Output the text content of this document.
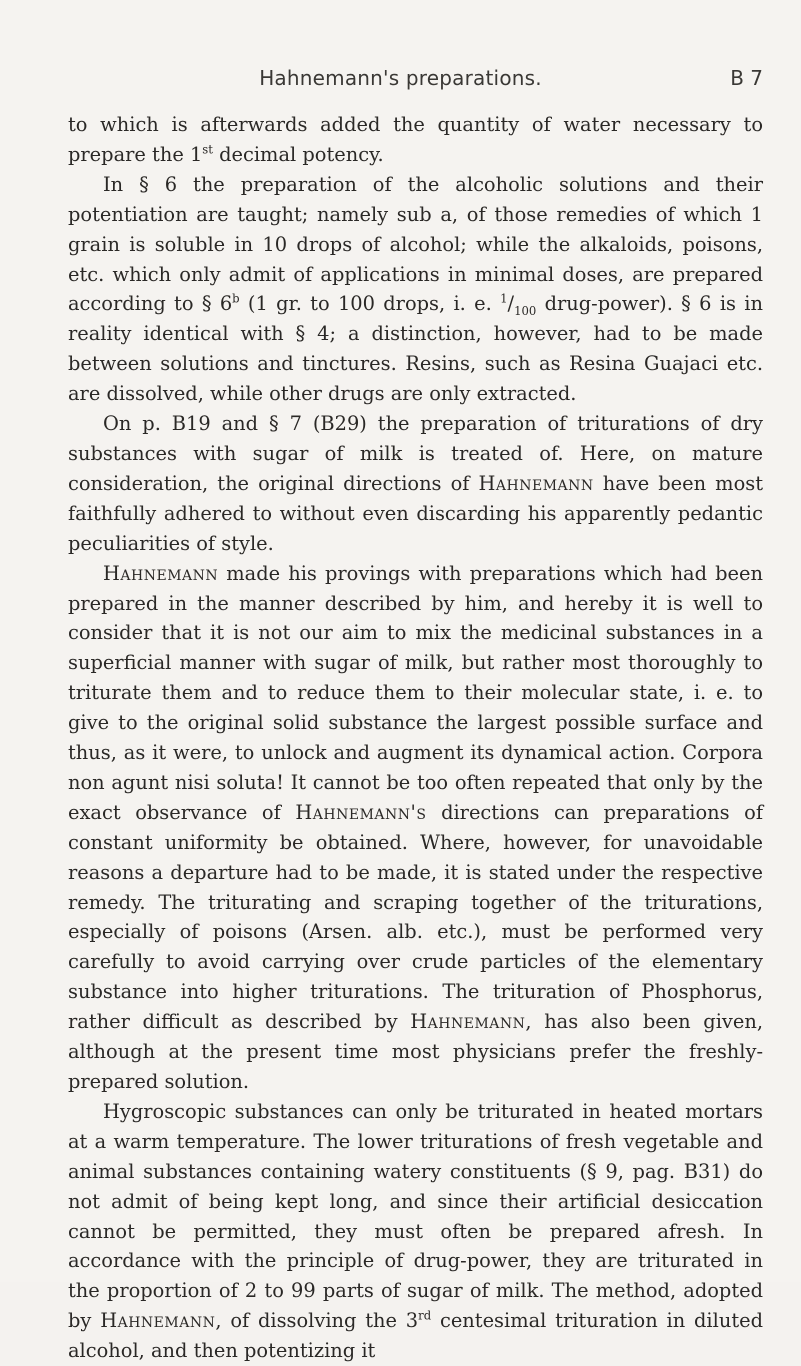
Hahnemann's preparations.	B 7

to which is afterwards added the quantity of water necessary to prepare the 1st decimal potency.

In § 6 the preparation of the alcoholic solutions and their potentiation are taught; namely sub a, of those remedies of which 1 grain is soluble in 10 drops of alcohol; while the alkaloids, poisons, etc. which only admit of applications in minimal doses, are prepared according to § 6$^b$ (1 gr. to 100 drops, i. e. $^1/_{100}$ drug-power). § 6 is in reality identical with § 4; a distinction, however, had to be made between solutions and tinctures. Resins, such as Resina Guajaci etc. are dissolved, while other drugs are only extracted.

On p. B19 and § 7 (B29) the preparation of triturations of dry substances with sugar of milk is treated of. Here, on mature consideration, the original directions of Hahnemann have been most faithfully adhered to without even discarding his apparently pedantic peculiarities of style.

Hahnemann made his provings with preparations which had been prepared in the manner described by him, and hereby it is well to consider that it is not our aim to mix the medicinal substances in a superficial manner with sugar of milk, but rather most thoroughly to triturate them and to reduce them to their molecular state, i. e. to give to the original solid substance the largest possible surface and thus, as it were, to unlock and augment its dynamical action. Corpora non agunt nisi soluta! It cannot be too often repeated that only by the exact observance of Hahnemann's directions can preparations of constant uniformity be obtained. Where, however, for unavoidable reasons a departure had to be made, it is stated under the respective remedy. The triturating and scraping together of the triturations, especially of poisons (Arsen. alb. etc.), must be performed very carefully to avoid carrying over crude particles of the elementary substance into higher triturations. The trituration of Phosphorus, rather difficult as described by Hahnemann, has also been given, although at the present time most physicians prefer the freshly-prepared solution.

Hygroscopic substances can only be triturated in heated mortars at a warm temperature. The lower triturations of fresh vegetable and animal substances containing watery constituents (§ 9, pag. B31) do not admit of being kept long, and since their artificial desiccation cannot be permitted, they must often be prepared afresh. In accordance with the principle of drug-power, they are triturated in the proportion of 2 to 99 parts of sugar of milk. The method, adopted by Hahnemann, of dissolving the 3rd centesimal trituration in diluted alcohol, and then potentizing it
